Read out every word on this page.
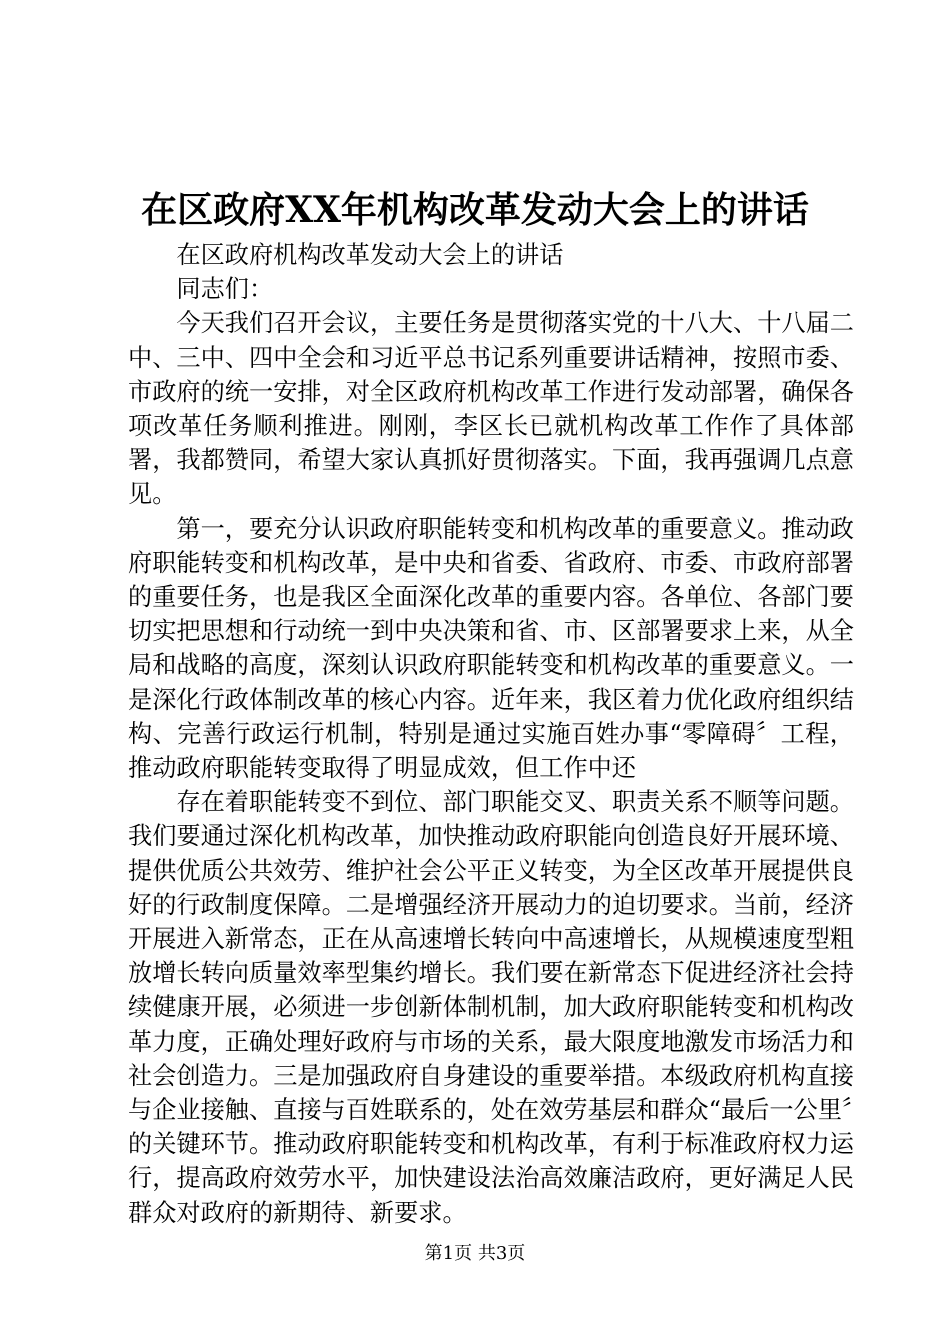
在区政府XX年机构改革发动大会上的讲话

在区政府机构改革发动大会上的讲话

同志们：

今天我们召开会议，主要任务是贯彻落实党的十八大、十八届二中、三中、四中全会和习近平总书记系列重要讲话精神，按照市委、市政府的统一安排，对全区政府机构改革工作进行发动部署，确保各项改革任务顺利推进。刚刚，李区长已就机构改革工作作了具体部署，我都赞同，希望大家认真抓好贯彻落实。下面，我再强调几点意见。

第一，要充分认识政府职能转变和机构改革的重要意义。推动政府职能转变和机构改革，是中央和省委、省政府、市委、市政府部署的重要任务，也是我区全面深化改革的重要内容。各单位、各部门要切实把思想和行动统一到中央决策和省、市、区部署要求上来，从全局和战略的高度，深刻认识政府职能转变和机构改革的重要意义。一是深化行政体制改革的核心内容。近年来，我区着力优化政府组织结构、完善行政运行机制，特别是通过实施百姓办事“零障碍〞工程，推动政府职能转变取得了明显成效，但工作中还

存在着职能转变不到位、部门职能交叉、职责关系不顺等问题。我们要通过深化机构改革，加快推动政府职能向创造良好开展环境、提供优质公共效劳、维护社会公平正义转变，为全区改革开展提供良好的行政制度保障。二是增强经济开展动力的迫切要求。当前，经济开展进入新常态，正在从高速增长转向中高速增长，从规模速度型粗放增长转向质量效率型集约增长。我们要在新常态下促进经济社会持续健康开展，必须进一步创新体制机制，加大政府职能转变和机构改革力度，正确处理好政府与市场的关系，最大限度地激发市场活力和社会创造力。三是加强政府自身建设的重要举措。本级政府机构直接与企业接触、直接与百姓联系的，处在效劳基层和群众“最后一公里〞的关键环节。推动政府职能转变和机构改革，有利于标准政府权力运行，提高政府效劳水平，加快建设法治高效廉洁政府，更好满足人民群众对政府的新期待、新要求。

第1页 共3页
